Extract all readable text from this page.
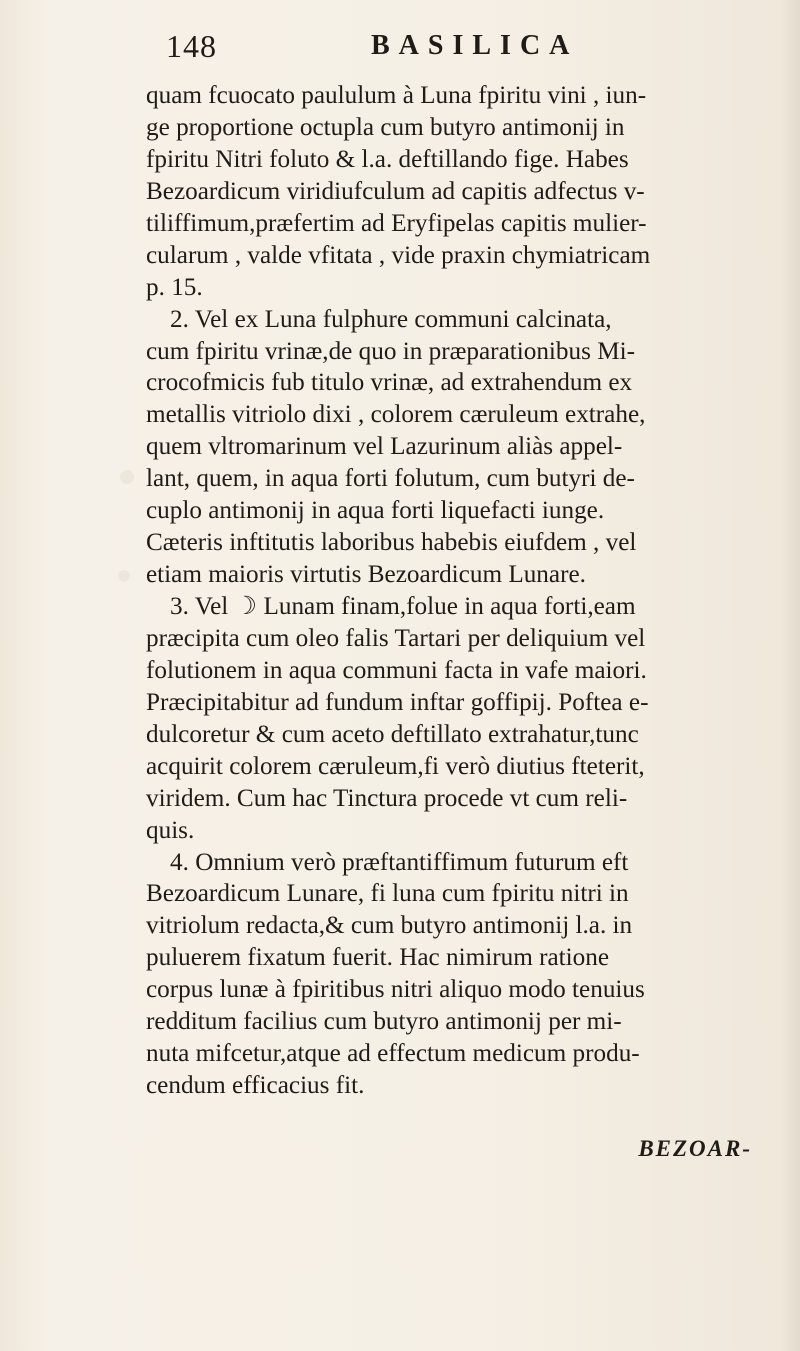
148	BASILICA
quam fcuocato paululum à Luna fpiritu vini , iun-
ge proportione octupla cum butyro antimonij in
fpiritu Nitri foluto & l.a. deftillando fige. Habes
Bezoardicum viridiufculum ad capitis adfectus v-
tiliffimum,præfertim ad Eryfipelas capitis mulier-
cularum , valde vfitata , vide praxin chymiatricam
p. 15.
2. Vel ex Luna fulphure communi calcinata,
cum fpiritu vrinæ,de quo in præparationibus Mi-
crocofmicis fub titulo vrinæ, ad extrahendum ex
metallis vitriolo dixi , colorem cæruleum extrahe,
quem vltromarinum vel Lazurinum aliàs appel-
lant, quem, in aqua forti folutum, cum butyri de-
cuplo antimonij in aqua forti liquefacti iunge.
Cæteris inftitutis laboribus habebis eiufdem , vel
etiam maioris virtutis Bezoardicum Lunare.
3. Vel ☽ Lunam finam,folue in aqua forti,eam
præcipita cum oleo falis Tartari per deliquium vel
folutionem in aqua communi facta in vafe maiori.
Præcipitabitur ad fundum inftar goffipij. Poftea e-
dulcoretur & cum aceto deftillato extrahatur,tunc
acquirit colorem cæruleum,fi verò diutius fteterit,
viridem. Cum hac Tinctura procede vt cum reli-
quis.
4. Omnium verò præftantiffimum futurum eft
Bezoardicum Lunare, fi luna cum fpiritu nitri in
vitriolum redacta,& cum butyro antimonij l.a. in
puluerem fixatum fuerit. Hac nimirum ratione
corpus lunæ à fpiritibus nitri aliquo modo tenuius
redditum facilius cum butyro antimonij per mi-
nuta mifcetur,atque ad effectum medicum produ-
cendum efficacius fit.
BEZOAR-
